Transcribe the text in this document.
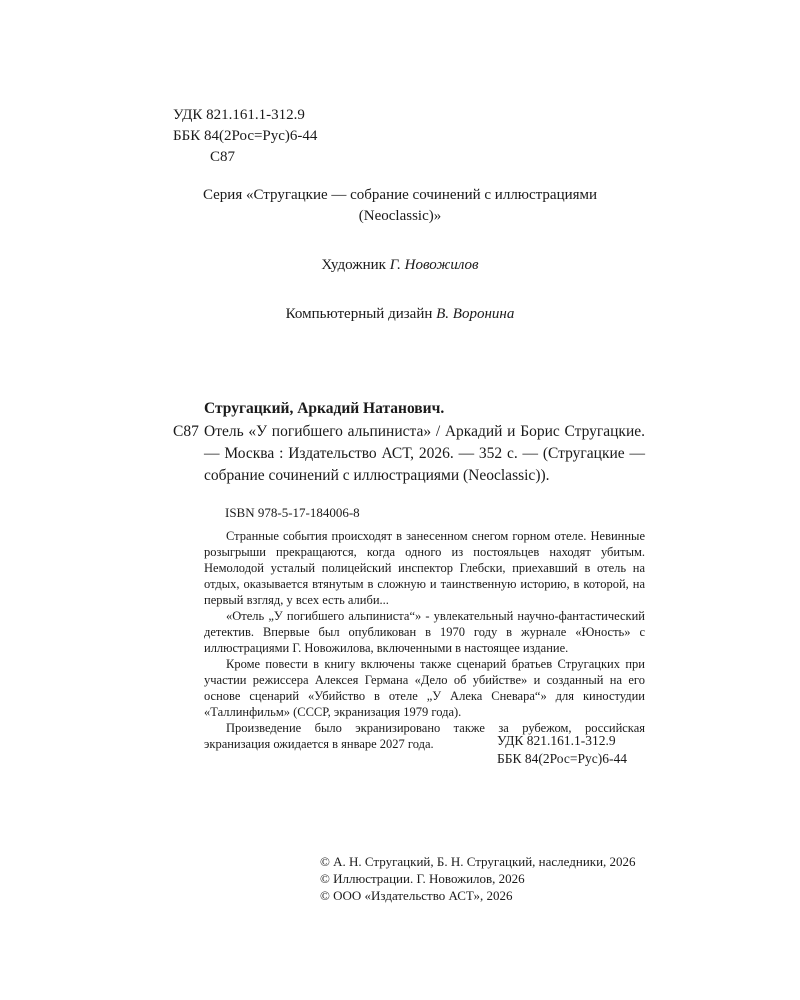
УДК 821.161.1-312.9
ББК 84(2Рос=Рус)6-44
С87
Серия «Стругацкие — собрание сочинений с иллюстрациями
(Neoclassic)»
Художник Г. Новожилов
Компьютерный дизайн В. Воронина
Стругацкий, Аркадий Натанович.
С87 Отель «У погибшего альпиниста» / Аркадий и Борис Стругацкие. — Москва : Издательство АСТ, 2026. — 352 с. — (Стругацкие — собрание сочинений с иллюстрациями (Neoclassic)).
ISBN 978-5-17-184006-8

Странные события происходят в занесенном снегом горном отеле. Невинные розыгрыши прекращаются, когда одного из постояльцев находят убитым. Немолодой усталый полицейский инспектор Глебски, приехавший в отель на отдых, оказывается втянутым в сложную и таинственную историю, в которой, на первый взгляд, у всех есть алиби...

«Отель „У погибшего альпиниста“» - увлекательный научно-фантастический детектив. Впервые был опубликован в 1970 году в журнале «Юность» с иллюстрациями Г. Новожилова, включенными в настоящее издание.

Кроме повести в книгу включены также сценарий братьев Стругацких при участии режиссера Алексея Германа «Дело об убийстве» и созданный на его основе сценарий «Убийство в отеле „У Алека Сневара“» для киностудии «Таллинфильм» (СССР, экранизация 1979 года).

Произведение было экранизировано также за рубежом, российская экранизация ожидается в январе 2027 года.	УДК 821.161.1-312.9
ББК 84(2Рос=Рус)6-44
© А. Н. Стругацкий, Б. Н. Стругацкий, наследники, 2026
© Иллюстрации. Г. Новожилов, 2026
© ООО «Издательство АСТ», 2026
